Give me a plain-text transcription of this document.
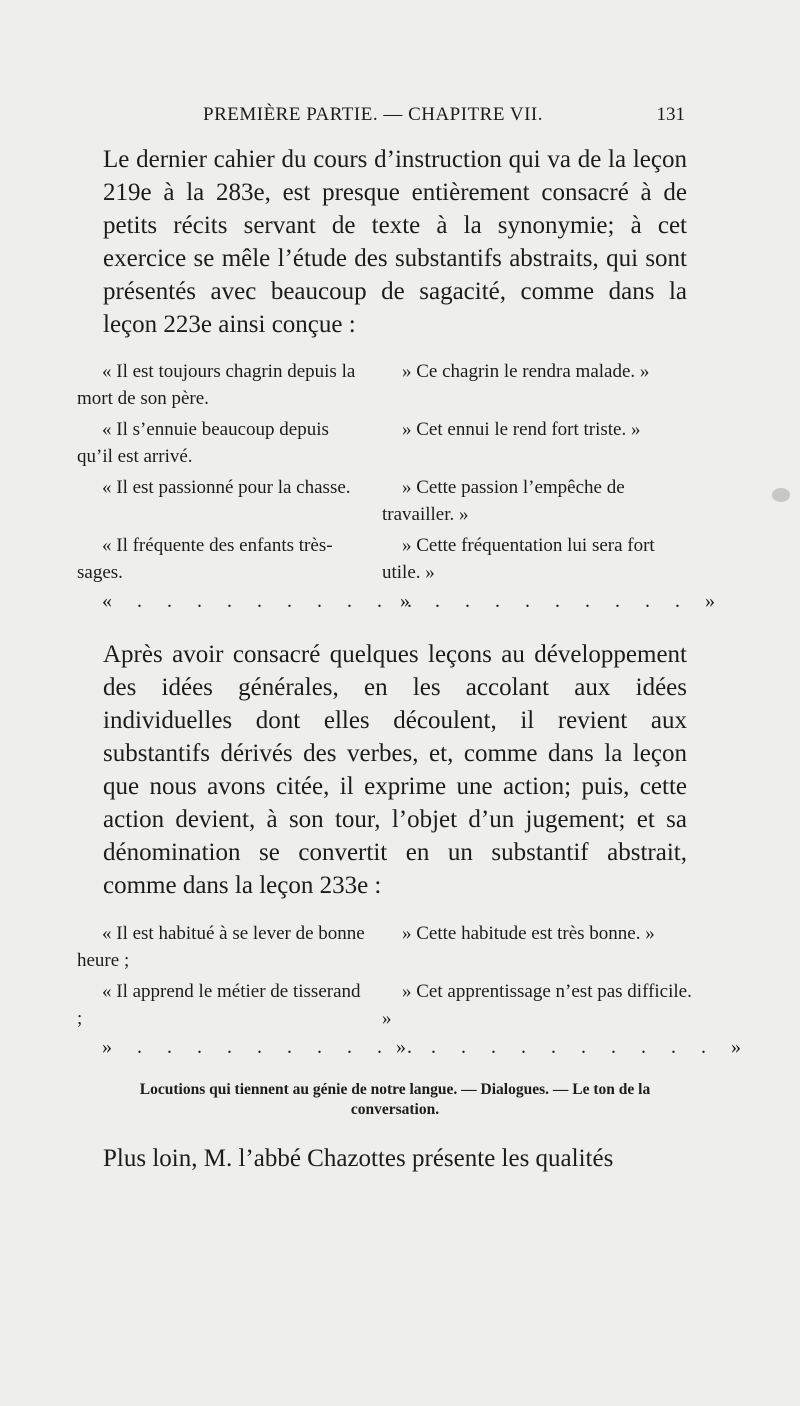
PREMIÈRE PARTIE. — CHAPITRE VII.	131

Le dernier cahier du cours d’instruction qui va de la leçon 219e à la 283e, est presque entièrement consacré à de petits récits servant de texte à la synonymie; à cet exercice se mêle l’étude des substantifs abstraits, qui sont présentés avec beaucoup de sagacité, comme dans la leçon 223e ainsi conçue :

« Il est toujours chagrin depuis la mort de son père.

» Ce chagrin le rendra malade. »

« Il s’ennuie beaucoup depuis qu’il est arrivé.

» Cet ennui le rend fort triste. »

« Il est passionné pour la chasse.	» Cette passion l’empêche de travailler. »

« Il fréquente des enfants très-sages.

» Cette fréquentation lui sera fort utile. »

« . . . . . . . . . .
» . . . . . . . . . »

Après avoir consacré quelques leçons au développement des idées générales, en les accolant aux idées individuelles dont elles découlent, il revient aux substantifs dérivés des verbes, et, comme dans la leçon que nous avons citée, il exprime une action; puis, cette action devient, à son tour, l’objet d’un jugement; et sa dénomination se convertit en un substantif abstrait, comme dans la leçon 233e :

« Il est habitué à se lever de bonne heure ;

» Cette habitude est très bonne. »

« Il apprend le métier de tisserand ;

» Cet apprentissage n’est pas difficile. »

» . . . . . . . . . .
» . . . . . . . . . . »
Locutions qui tiennent au génie de notre langue. — Dialogues. — Le ton de la conversation.

Plus loin, M. l’abbé Chazottes présente les qualités
